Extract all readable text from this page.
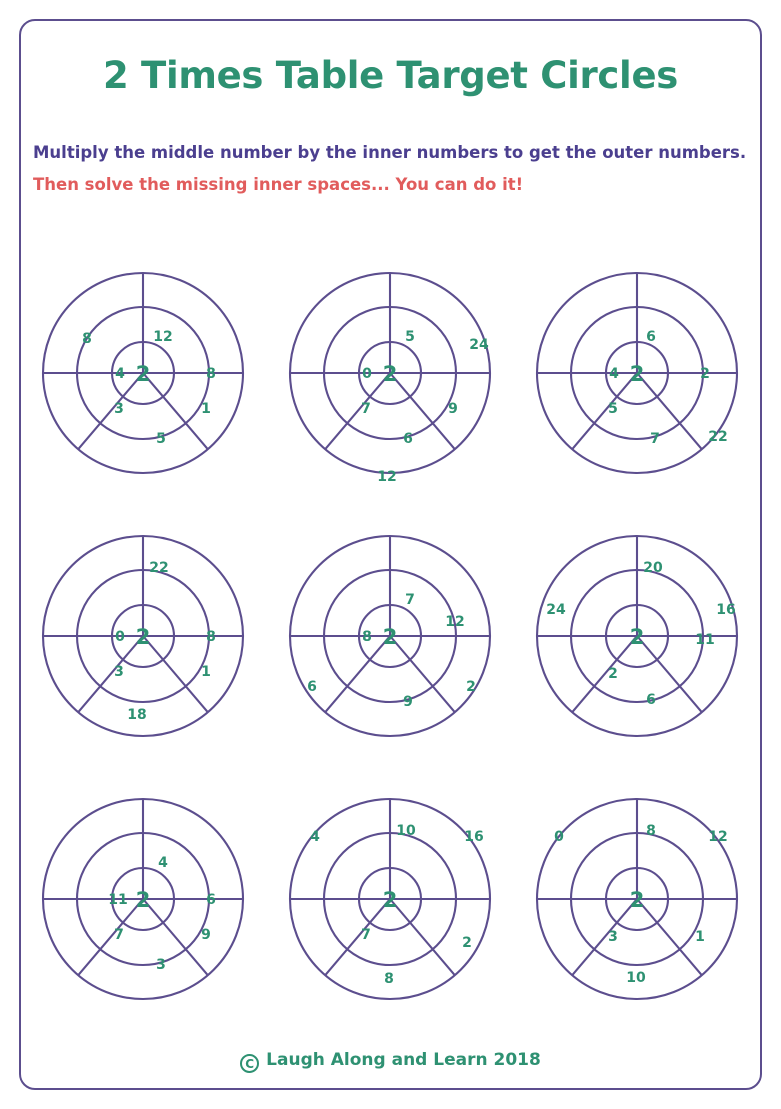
2 Times Table Target Circles
Multiply the middle number by the inner numbers to get the outer numbers. Then solve the missing inner spaces... You can do it!
2	8
1
5
3
4
12
8
2
9
6
7
0
5	24
12
2	2
7
5
4
6
22
2	8
1
3
0
22
18
2
9
8
7
12
2
6
2	11
6
2
20
16
24
2	6
9
3
7
11
4
2
7
10	16
2
8
4
2
1
3
8	12
10
0
C Laugh Along and Learn 2018
